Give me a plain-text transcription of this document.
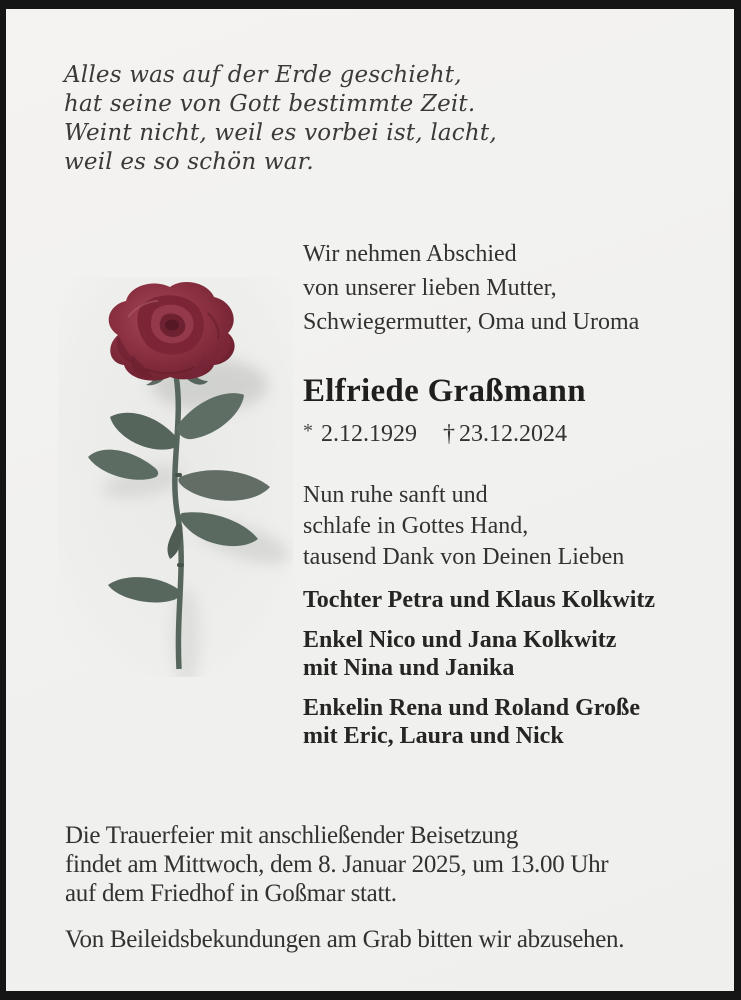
Alles was auf der Erde geschieht,
hat seine von Gott bestimmte Zeit.
Weint nicht, weil es vorbei ist, lacht,
weil es so schön war.
Wir nehmen Abschied
von unserer lieben Mutter,
Schwiegermutter, Oma und Uroma
Elfriede Graßmann
* 2.12.1929 † 23.12.2024
Nun ruhe sanft und
schlafe in Gottes Hand,
tausend Dank von Deinen Lieben

Tochter Petra und Klaus Kolkwitz

Enkel Nico und Jana Kolkwitz
mit Nina und Janika

Enkelin Rena und Roland Große
mit Eric, Laura und Nick

Die Trauerfeier mit anschließender Beisetzung
findet am Mittwoch, dem 8. Januar 2025, um 13.00 Uhr
auf dem Friedhof in Goßmar statt.
Von Beileidsbekundungen am Grab bitten wir abzusehen.
